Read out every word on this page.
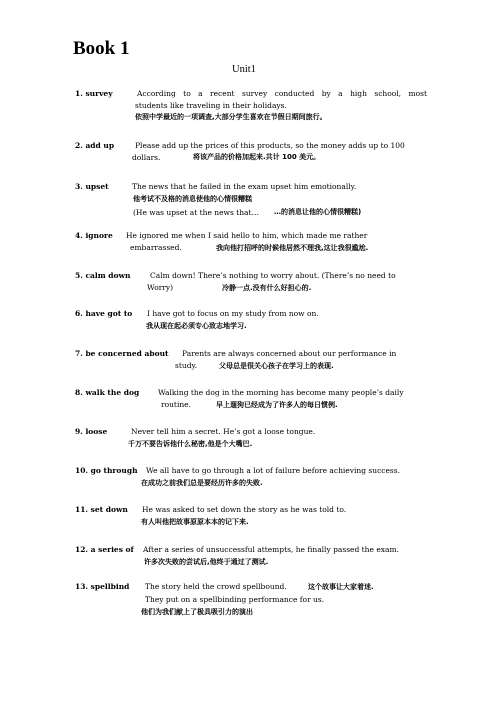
Book 1
Unit1
1. survey	According to a recent survey conducted by a high school, most
students like traveling in their holidays.
依照中学最近的一项调查,大部分学生喜欢在节假日期间旅行。
2. add up	Please add up the prices of this products, so the money adds up to 100
dollars.	将该产品的价格加起来.共计 100 美元。
3. upset	The news that he failed in the exam upset him emotionally.
他考试不及格的消息使他的心情很糟糕
(He was upset at the news that… …的消息让他的心情很糟糕)
4. ignore He ignored me when I said hello to him, which made me rather
embarrassed.	我向他打招呼的时候他居然不理我,这让我很尴尬.
5. calm down	Calm down! There’s nothing to worry about. (There’s no need to
Worry)	冷静一点.没有什么好担心的.
6. have got to I have got to focus on my study from now on.
我从现在起必须专心致志地学习.
7. be concerned about Parents are always concerned about our performance in
study.	父母总是很关心孩子在学习上的表现.
8. walk the dog	Walking the dog in the morning has become many people’s daily
routine.	早上遛狗已经成为了许多人的每日惯例.
9. loose	Never tell him a secret. He’s got a loose tongue.
千万不要告诉他什么秘密,他是个大嘴巴.
10. go through We all have to go through a lot of failure before achieving success.
在成功之前我们总是要经历许多的失败.
11. set down He was asked to set down the story as he was told to.
有人叫他把故事原原本本的记下来.
12. a series of After a series of unsuccessful attempts, he finally passed the exam.
许多次失败的尝试后,他终于通过了测试.
13. spellbind The story held the crowd spellbound.	这个故事让大家着迷.
They put on a spellbinding performance for us.
他们为我们献上了极具吸引力的演出
